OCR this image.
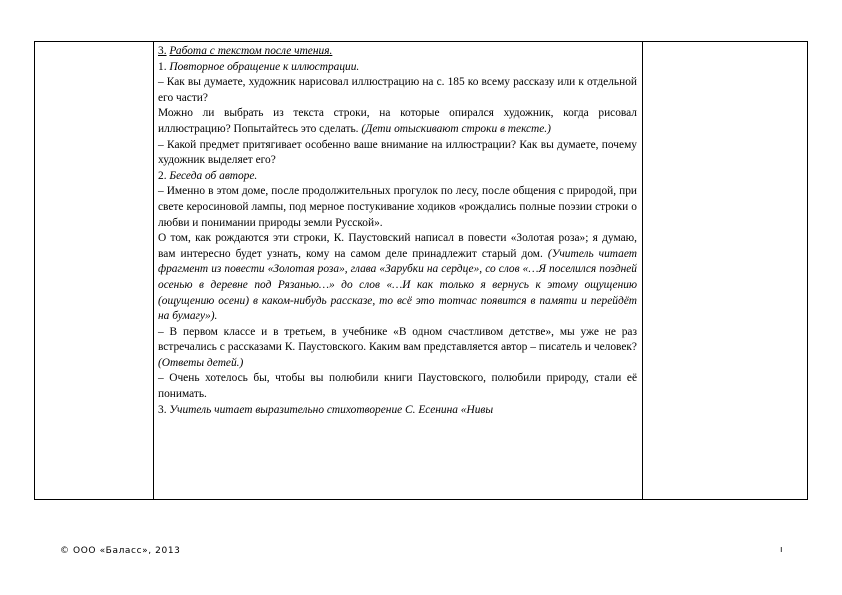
3. Работа с текстом после чтения.

1. Повторное обращение к иллюстрации.

– Как вы думаете, художник нарисовал иллюстрацию на с. 185 ко всему рассказу или к отдельной его части?

Можно ли выбрать из текста строки, на которые опирался художник, когда рисовал иллюстрацию? Попытайтесь это сделать. (Дети отыскивают строки в тексте.)

– Какой предмет притягивает особенно ваше внимание на иллюстрации? Как вы думаете, почему художник выделяет его?

2. Беседа об авторе.

– Именно в этом доме, после продолжительных прогулок по лесу, после общения с природой, при свете керосиновой лампы, под мерное постукивание ходиков «рождались полные поэзии строки о любви и понимании природы земли Русской».

О том, как рождаются эти строки, К. Паустовский написал в повести «Золотая роза»; я думаю, вам интересно будет узнать, кому на самом деле принадлежит старый дом. (Учитель читает фрагмент из повести «Золотая роза», глава «Зарубки на сердце», со слов «…Я поселился поздней осенью в деревне под Рязанью…» до слов «…И как только я вернусь к этому ощущению (ощущению осени) в каком-нибудь рассказе, то всё это тотчас появится в памяти и перейдёт на бумагу»).

– В первом классе и в третьем, в учебнике «В одном счастливом детстве», мы уже не раз встречались с рассказами К. Паустовского. Каким вам представляется автор – писатель и человек? (Ответы детей.)

– Очень хотелось бы, чтобы вы полюбили книги Паустовского, полюбили природу, стали её понимать.

3. Учитель читает выразительно стихотворение С. Есенина «Нивы

© ООО «Баласс», 2013	ı
